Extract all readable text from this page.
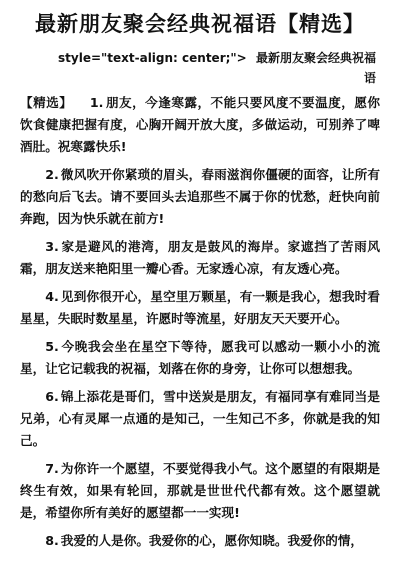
最新朋友聚会经典祝福语【精选】
style="text-align: center;"> 最新朋友聚会经典祝福语

【精选】 1. 朋友，今逢寒露，不能只要风度不要温度，愿你饮食健康把握有度，心胸开阔开放大度，多做运动，可别养了啤酒肚。祝寒露快乐!

2. 微风吹开你紧琐的眉头，春雨滋润你僵硬的面容，让所有的愁向后飞去。请不要回头去追那些不属于你的忧愁，赶快向前奔跑，因为快乐就在前方!

3. 家是避风的港湾，朋友是鼓风的海岸。家遮挡了苦雨风霜，朋友送来艳阳里一瓣心香。无家透心凉，有友透心亮。

4. 见到你很开心，星空里万颗星，有一颗是我心，想我时看星星，失眠时数星星，许愿时等流星，好朋友天天要开心。

5. 今晚我会坐在星空下等待，愿我可以感动一颗小小的流星，让它记载我的祝福，划落在你的身旁，让你可以想想我。

6. 锦上添花是哥们，雪中送炭是朋友，有福同享有难同当是兄弟，心有灵犀一点通的是知己，一生知己不多，你就是我的知己。

7. 为你许一个愿望，不要觉得我小气。这个愿望的有限期是终生有效，如果有轮回，那就是世世代代都有效。这个愿望就是，希望你所有美好的愿望都一一实现!

8. 我爱的人是你。我爱你的心，愿你知晓。我爱你的情，
